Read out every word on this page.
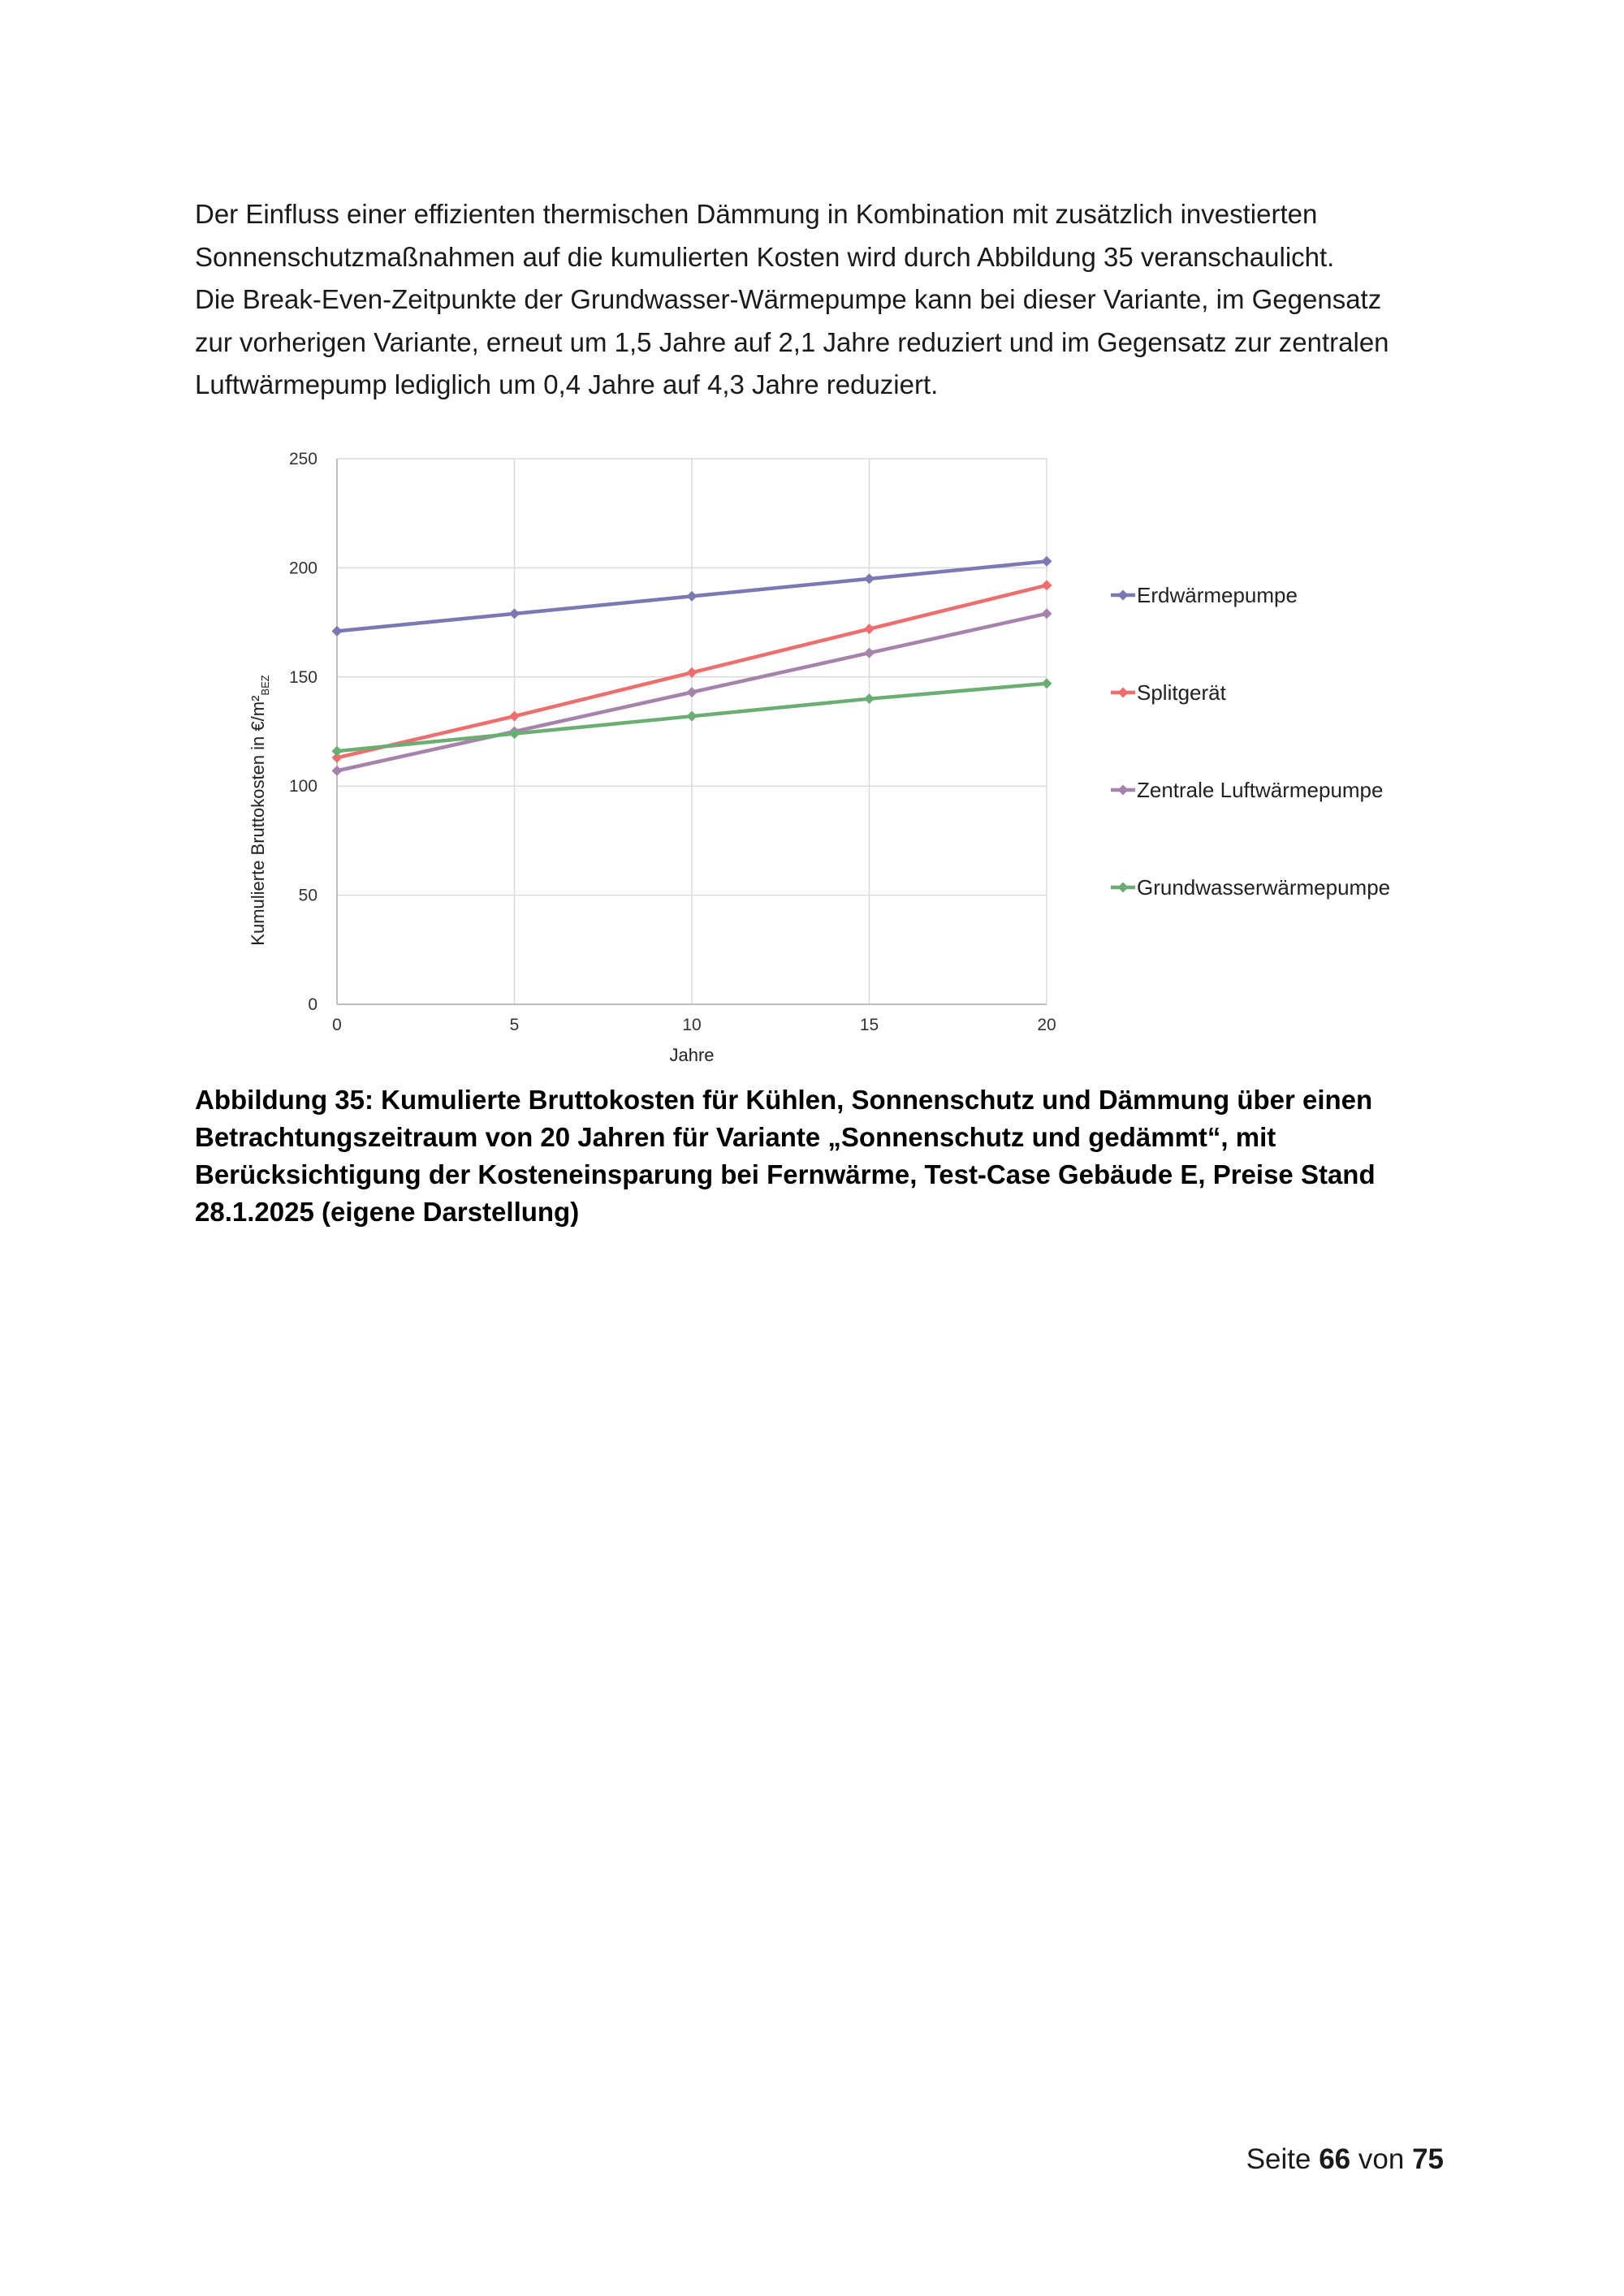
Der Einfluss einer effizienten thermischen Dämmung in Kombination mit zusätzlich investierten
Sonnenschutzmaßnahmen auf die kumulierten Kosten wird durch Abbildung 35 veranschaulicht.
Die Break-Even-Zeitpunkte der Grundwasser-Wärmepumpe kann bei dieser Variante, im Gegensatz
zur vorherigen Variante, erneut um 1,5 Jahre auf 2,1 Jahre reduziert und im Gegensatz zur zentralen
Luftwärmepump lediglich um 0,4 Jahre auf 4,3 Jahre reduziert.

0
50
100
150
200
250
0	5	10	15	20
Erdwärmepumpe
Splitgerät
Zentrale Luftwärmepumpe
Grundwasserwärmepumpe
Jahre
Kumulierte Bruttokosten in $€/m^2_{BEZ}$

Abbildung 35: Kumulierte Bruttokosten für Kühlen, Sonnenschutz und Dämmung über einen
Betrachtungszeitraum von 20 Jahren für Variante „Sonnenschutz und gedämmt“, mit
Berücksichtigung der Kosteneinsparung bei Fernwärme, Test-Case Gebäude E, Preise Stand
28.1.2025 (eigene Darstellung)

Seite 66 von 75
